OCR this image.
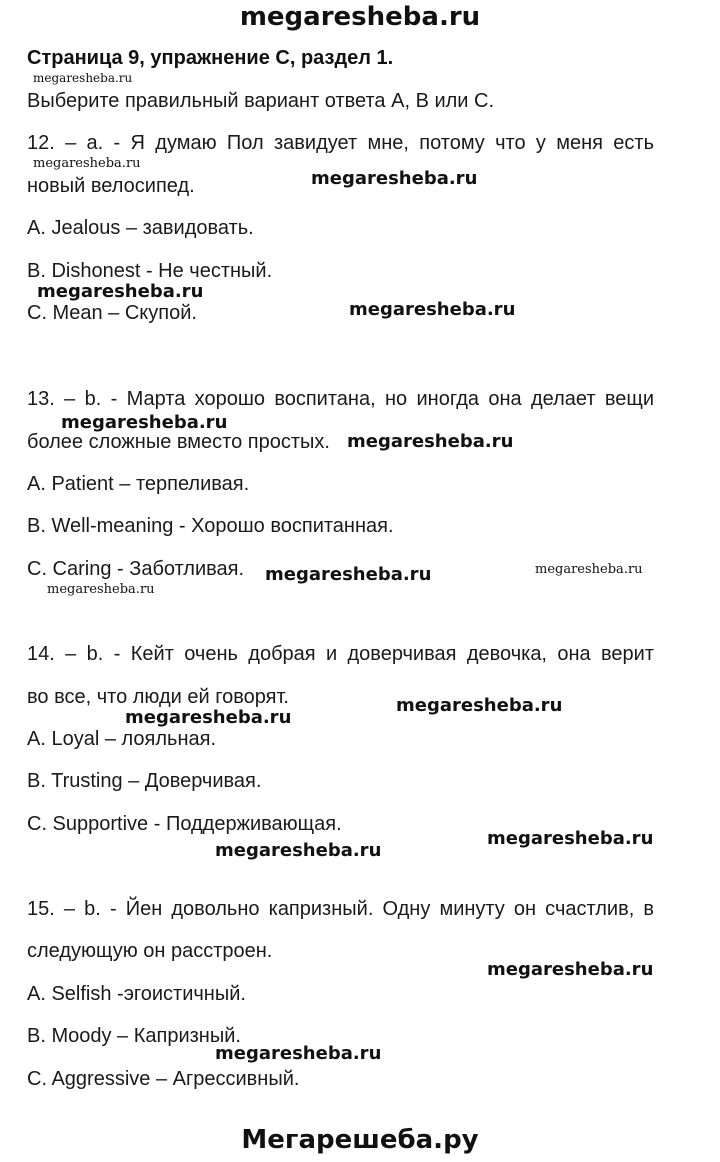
megaresheba.ru
Страница 9, упражнение C, раздел 1.
megaresheba.ru
Выберите правильный вариант ответа A, B или C.
12. – a. - Я думаю Пол завидует мне, потому что у меня есть
megaresheba.ru
новый велосипед.	megaresheba.ru
A. Jealous – завидовать.
B. Dishonest - Не честный.
megaresheba.ru
C. Mean – Скупой.	megaresheba.ru
13. – b. - Марта хорошо воспитана, но иногда она делает вещи
megaresheba.ru
более сложные вместо простых. megaresheba.ru
A. Patient – терпеливая.
B. Well-meaning - Хорошо воспитанная.
C. Caring - Заботливая. megaresheba.ru	megaresheba.ru
megaresheba.ru
14. – b. - Кейт очень добрая и доверчивая девочка, она верит
во все, что люди ей говорят.	megaresheba.ru
megaresheba.ru
A. Loyal – лояльная.
B. Trusting – Доверчивая.
C. Supportive - Поддерживающая.
megaresheba.ru
megaresheba.ru
15. – b. - Йен довольно капризный. Одну минуту он счастлив, в
следующую он расстроен.
megaresheba.ru
A. Selfish -эгоистичный.
B. Moody – Капризный.
megaresheba.ru
C. Aggressive – Агрессивный.
Мегарешеба.ру
